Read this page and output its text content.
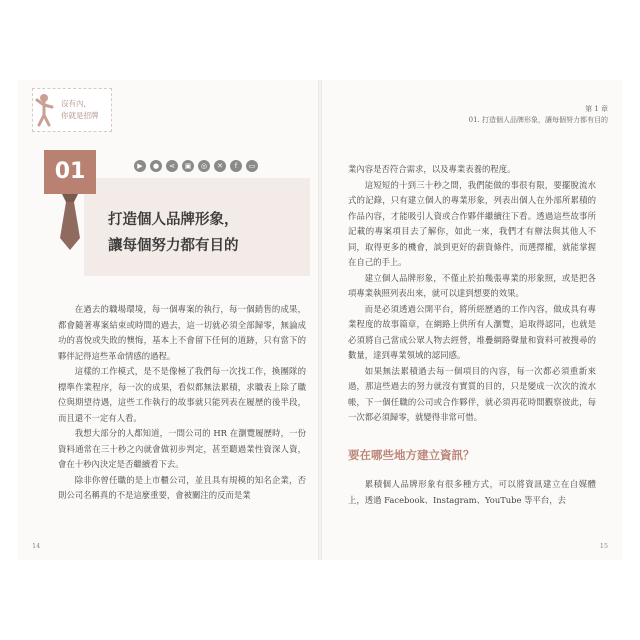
沒有內，
你就是招牌
打造個人品牌形象，
讓每個努力都有目的
01	▶	●	⋖	▣	◎	✕	f	▭

在過去的職場環境，每一個專案的執行，每一個銷售的成果，都會隨著專案結束或時間的過去，這一切就必須全部歸零，無論成功的喜悅或失敗的懊悔，基本上不會留下任何的道跡，只有當下的夥伴記得這些革命情感的過程。

這樣的工作模式，是不是像極了我們每一次找工作，換團隊的標準作業程序，每一次的成果，看似都無法累積，求職表上除了職位與期望待遇，這些工作執行的故事就只能列表在履歷的後半段，而且還不一定有人看。

我想大部分的人都知道，一間公司的 HR 在瀏覽履歷時，一份資料通常在三十秒之內就會做初步判定，甚至聽過業性資深人資，會在十秒內決定是否繼續看下去。

除非你曾任職的是上市櫃公司，並且具有規模的知名企業，否則公司名稱真的不是這麼重要，會被關注的反而是業

14
第 1 章
01. 打造個人品牌形象，讓每個努力都有目的

業內容是否符合需求，以及專業表養的程度。

這短短的十到三十秒之間，我們能做的事很有限，要擺脫流水式的記錄，只有建立個人的專業形象，列表出個人在外部所累積的作品內容，才能吸引人資或合作夥伴繼續往下看。透過這些故事所記載的專案項目去了解你，如此一來，我們才有辦法與其他人不同，取得更多的機會，談到更好的薪資條件，而選擇權，就能掌握在自己的手上。

建立個人品牌形象，不僅止於拍幾張專業的形象照，或是把各項專業執照列表出來，就可以達到想要的效果。

而是必須透過公開平台，將所經歷過的工作內容，做成具有專業程度的故事篇章，在網路上供所有人瀏覽，追取得認同，也就是必須將自己當成公眾人物去經營，堆疊網路聲量和資料可被搜尋的數量，達到專業領域的認同感。

如果無法累積過去每一個項目的內容，每一次都必須重新來過，那這些過去的努力就沒有實質的目的，只是變成一次次的流水帳，下一個任職的公司或合作夥伴，就必須再花時間觀察彼此，每一次都必須歸零，就變得非常可惜。

要在哪些地方建立資訊？

累積個人品牌形象有很多種方式，可以將資訊建立在自媒體上，透過 Facebook、Instagram、YouTube 等平台，去

15
